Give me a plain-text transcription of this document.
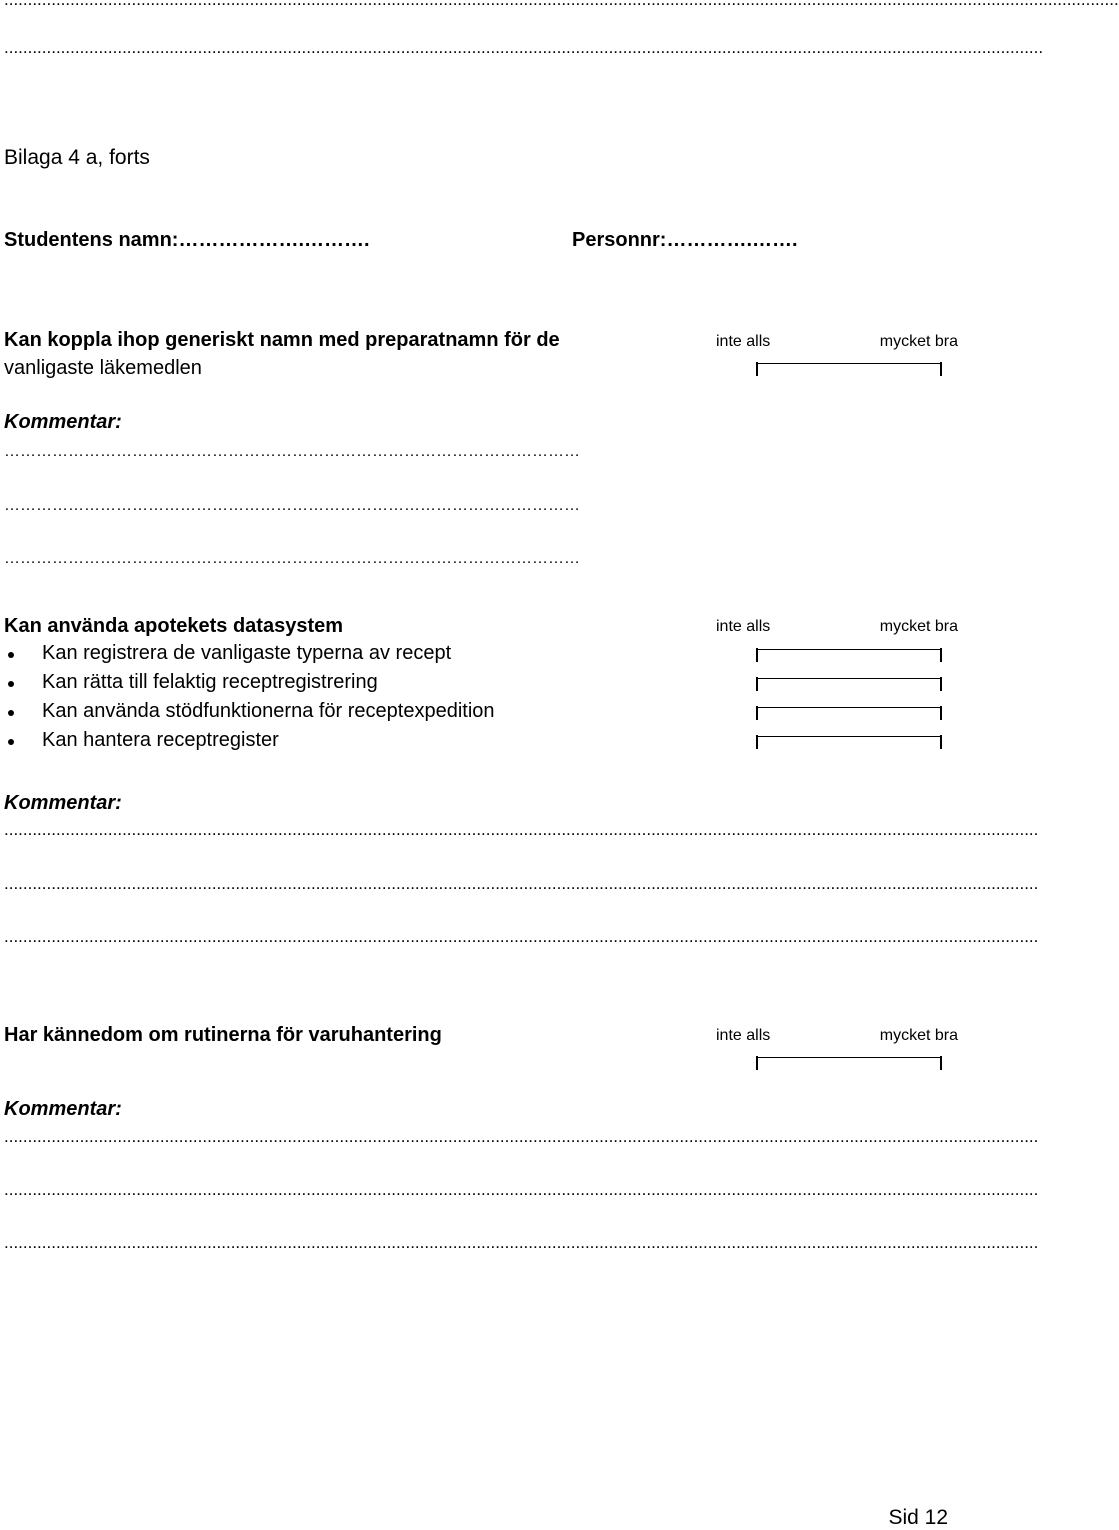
............................................................................................................................................................................................................................
Bilaga 4 a, forts
Studentens namn:……………….……….	Personnr:………….…….
Kan koppla ihop generiskt namn med preparatnamn för de
vanligaste läkemedlen
inte alls	mycket bra
Kommentar:
………………………………………………………………………………………………
………………………………………………………………………………………………
………………………………………………………………………………………………
Kan använda apotekets datasystem	inte alls	mycket bra
Kan registrera de vanligaste typerna av recept
Kan rätta till felaktig receptregistrering
Kan använda stödfunktionerna för receptexpedition
Kan hantera receptregister
Kommentar:
...........................................................................................................................................................................................................................
...........................................................................................................................................................................................................................
...........................................................................................................................................................................................................................
Har kännedom om rutinerna för varuhantering	inte alls	mycket bra
Kommentar:
...........................................................................................................................................................................................................................
...........................................................................................................................................................................................................................
...........................................................................................................................................................................................................................
Sid 12
